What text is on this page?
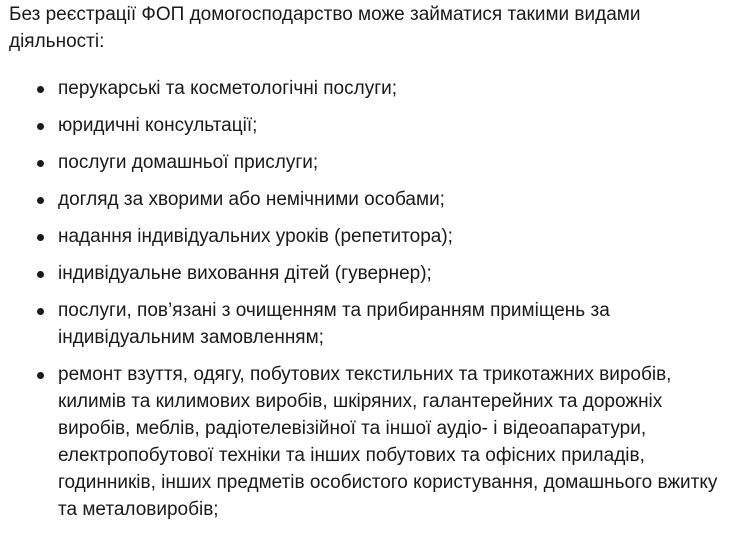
Без реєстрації ФОП домогосподарство може займатися такими видами діяльності:

перукарські та косметологічні послуги;
юридичні консультації;
послуги домашньої прислуги;
догляд за хворими або немічними особами;
надання індивідуальних уроків (репетитора);
індивідуальне виховання дітей (гувернер);
послуги, пов’язані з очищенням та прибиранням приміщень за індивідуальним замовленням;
ремонт взуття, одягу, побутових текстильних та трикотажних виробів, килимів та килимових виробів, шкіряних, галантерейних та дорожніх виробів, меблів, радіотелевізійної та іншої аудіо- і відеоапаратури, електропобутової техніки та інших побутових та офісних приладів, годинників, інших предметів особистого користування, домашнього вжитку та металовиробів;
